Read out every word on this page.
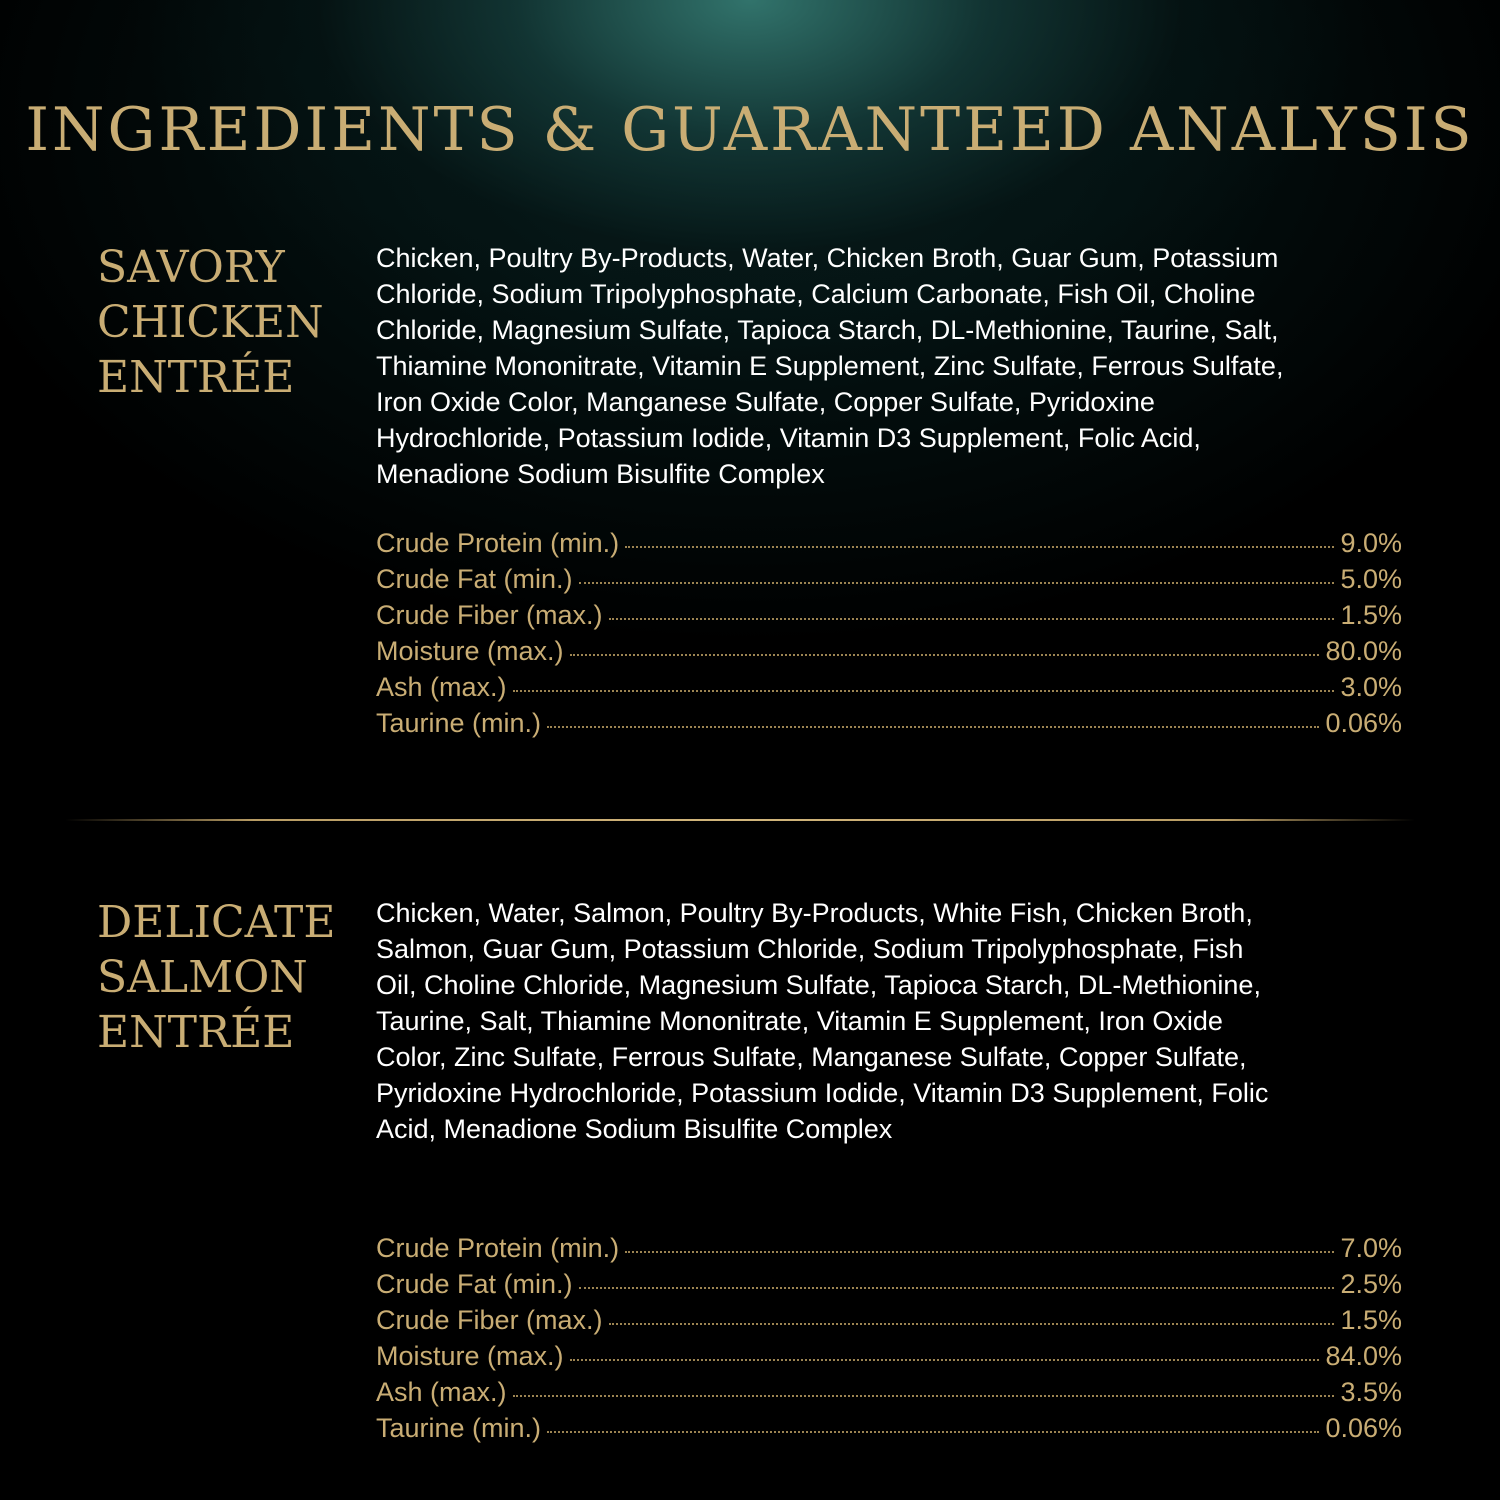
INGREDIENTS & GUARANTEED ANALYSIS
SAVORY
CHICKEN
ENTRÉE

Chicken, Poultry By-Products, Water, Chicken Broth, Guar Gum, Potassium
Chloride, Sodium Tripolyphosphate, Calcium Carbonate, Fish Oil, Choline
Chloride, Magnesium Sulfate, Tapioca Starch, DL-Methionine, Taurine, Salt,
Thiamine Mononitrate, Vitamin E Supplement, Zinc Sulfate, Ferrous Sulfate,
Iron Oxide Color, Manganese Sulfate, Copper Sulfate, Pyridoxine
Hydrochloride, Potassium Iodide, Vitamin D3 Supplement, Folic Acid,
Menadione Sodium Bisulfite Complex

Crude Protein (min.)	9.0%
Crude Fat (min.)	5.0%
Crude Fiber (max.)	1.5%
Moisture (max.)	80.0%
Ash (max.)	3.0%
Taurine (min.)	0.06%
DELICATE
SALMON
ENTRÉE

Chicken, Water, Salmon, Poultry By-Products, White Fish, Chicken Broth,
Salmon, Guar Gum, Potassium Chloride, Sodium Tripolyphosphate, Fish
Oil, Choline Chloride, Magnesium Sulfate, Tapioca Starch, DL-Methionine,
Taurine, Salt, Thiamine Mononitrate, Vitamin E Supplement, Iron Oxide
Color, Zinc Sulfate, Ferrous Sulfate, Manganese Sulfate, Copper Sulfate,
Pyridoxine Hydrochloride, Potassium Iodide, Vitamin D3 Supplement, Folic
Acid, Menadione Sodium Bisulfite Complex

Crude Protein (min.)	7.0%
Crude Fat (min.)	2.5%
Crude Fiber (max.)	1.5%
Moisture (max.)	84.0%
Ash (max.)	3.5%
Taurine (min.)	0.06%
